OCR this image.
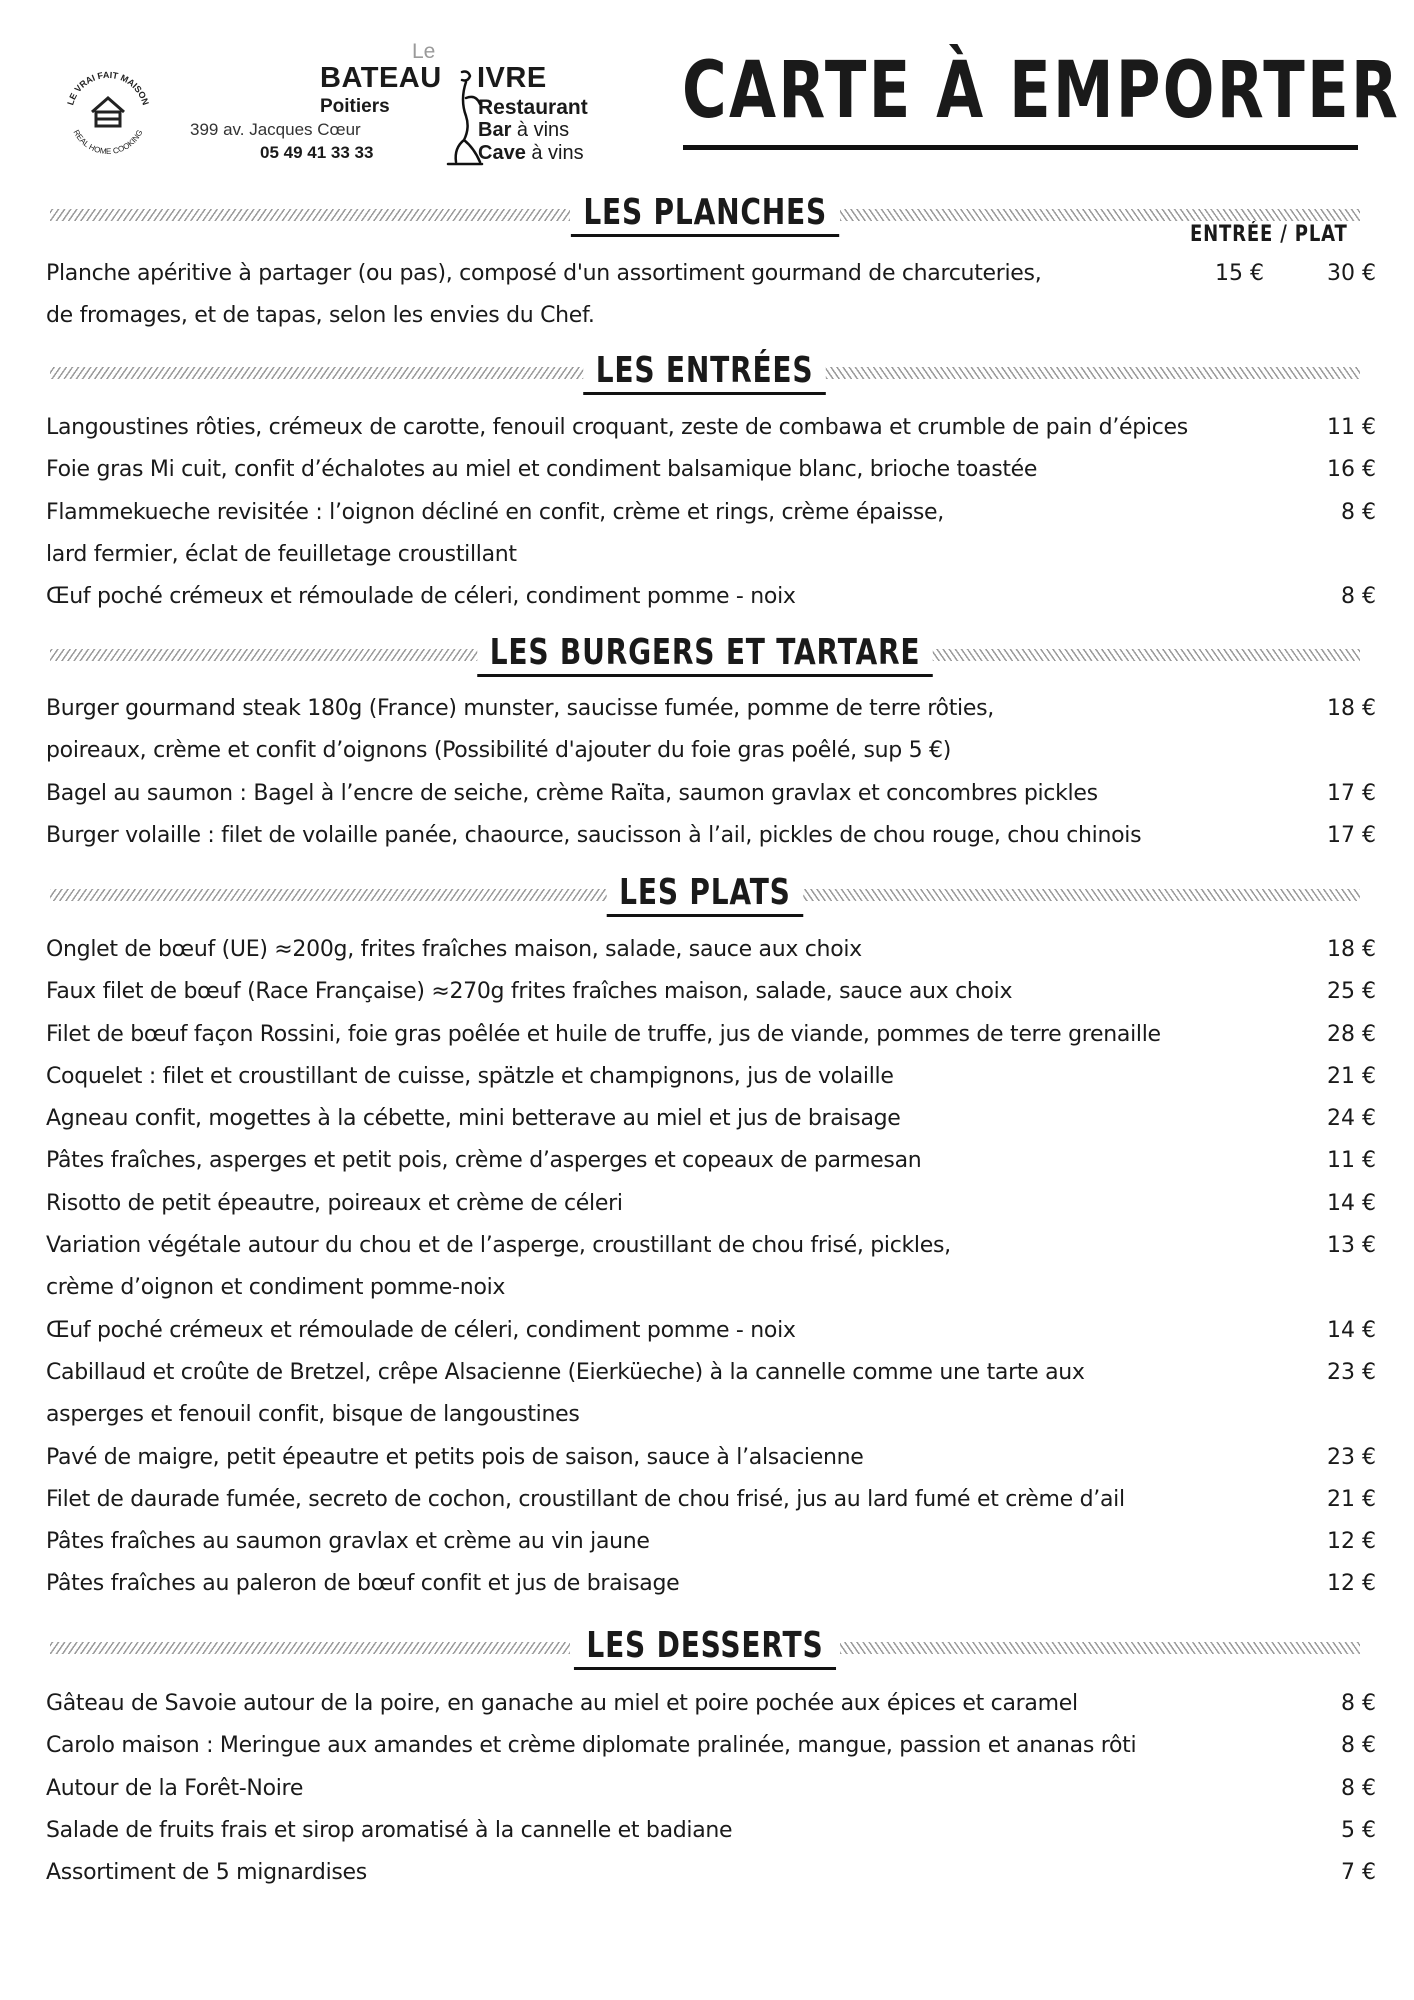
LE VRAI FAIT MAISON
REAL HOME COOKING
Le
BATEAU IVRE
Poitiers
399 av. Jacques Cœur
05 49 41 33 33
Restaurant
Bar à vins
Cave à vins
CARTE À EMPORTER
LES PLANCHES
ENTRÉE / PLAT
Planche apéritive à partager (ou pas), composé d'un assortiment gourmand de charcuteries,
de fromages, et de tapas, selon les envies du Chef.
15 €	30 €
LES ENTRÉES
Langoustines rôties, crémeux de carotte, fenouil croquant, zeste de combawa et crumble de pain d’épices	11 €
Foie gras Mi cuit, confit d’échalotes au miel et condiment balsamique blanc, brioche toastée	16 €
Flammekueche revisitée : l’oignon décliné en confit, crème et rings, crème épaisse,
lard fermier, éclat de feuilletage croustillant
8 €
Œuf poché crémeux et rémoulade de céleri, condiment pomme - noix	8 €
LES BURGERS ET TARTARE
Burger gourmand steak 180g (France) munster, saucisse fumée, pomme de terre rôties,
poireaux, crème et confit d’oignons (Possibilité d'ajouter du foie gras poêlé, sup 5 €)
18 €
Bagel au saumon : Bagel à l’encre de seiche, crème Raïta, saumon gravlax et concombres pickles	17 €
Burger volaille : filet de volaille panée, chaource, saucisson à l’ail, pickles de chou rouge, chou chinois	17 €
LES PLATS
Onglet de bœuf (UE) ≈200g, frites fraîches maison, salade, sauce aux choix	18 €
Faux filet de bœuf (Race Française) ≈270g frites fraîches maison, salade, sauce aux choix	25 €
Filet de bœuf façon Rossini, foie gras poêlée et huile de truffe, jus de viande, pommes de terre grenaille	28 €
Coquelet : filet et croustillant de cuisse, spätzle et champignons, jus de volaille	21 €
Agneau confit, mogettes à la cébette, mini betterave au miel et jus de braisage	24 €
Pâtes fraîches, asperges et petit pois, crème d’asperges et copeaux de parmesan	11 €
Risotto de petit épeautre, poireaux et crème de céleri	14 €
Variation végétale autour du chou et de l’asperge, croustillant de chou frisé, pickles,
crème d’oignon et condiment pomme-noix
13 €
Œuf poché crémeux et rémoulade de céleri, condiment pomme - noix	14 €
Cabillaud et croûte de Bretzel, crêpe Alsacienne (Eierküeche) à la cannelle comme une tarte aux
asperges et fenouil confit, bisque de langoustines
23 €
Pavé de maigre, petit épeautre et petits pois de saison, sauce à l’alsacienne	23 €
Filet de daurade fumée, secreto de cochon, croustillant de chou frisé, jus au lard fumé et crème d’ail	21 €
Pâtes fraîches au saumon gravlax et crème au vin jaune	12 €
Pâtes fraîches au paleron de bœuf confit et jus de braisage	12 €
LES DESSERTS
Gâteau de Savoie autour de la poire, en ganache au miel et poire pochée aux épices et caramel	8 €
Carolo maison : Meringue aux amandes et crème diplomate pralinée, mangue, passion et ananas rôti	8 €
Autour de la Forêt-Noire	8 €
Salade de fruits frais et sirop aromatisé à la cannelle et badiane	5 €
Assortiment de 5 mignardises	7 €
